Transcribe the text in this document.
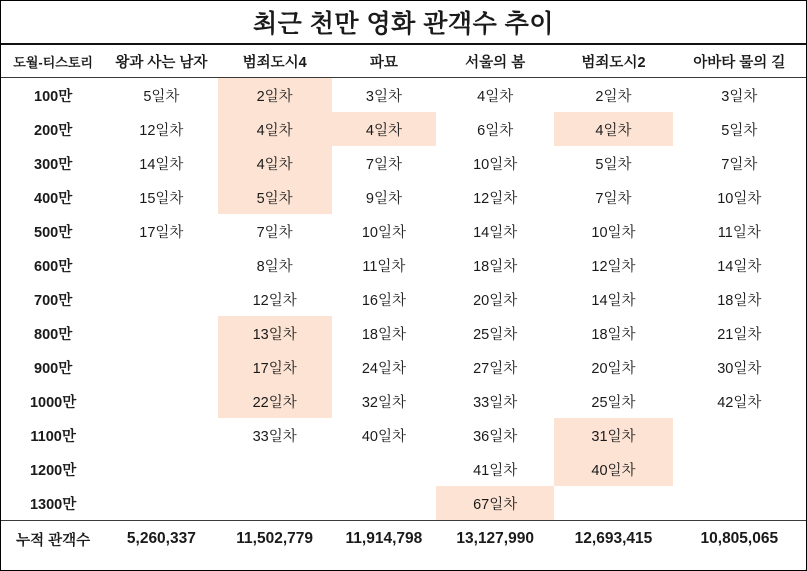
최근 천만 영화 관객수 추이
도월-티스토리	왕과 사는 남자	범죄도시4	파묘	서울의 봄	범죄도시2	아바타 물의 길
100만	5일차	2일차	3일차	4일차	2일차	3일차
200만	12일차	4일차	4일차	6일차	4일차	5일차
300만	14일차	4일차	7일차	10일차	5일차	7일차
400만	15일차	5일차	9일차	12일차	7일차	10일차
500만	17일차	7일차	10일차	14일차	10일차	11일차
600만		8일차	11일차	18일차	12일차	14일차
700만		12일차	16일차	20일차	14일차	18일차
800만		13일차	18일차	25일차	18일차	21일차
900만		17일차	24일차	27일차	20일차	30일차
1000만		22일차	32일차	33일차	25일차	42일차
1100만		33일차	40일차	36일차	31일차	
1200만				41일차	40일차	
1300만				67일차		
누적 관객수	5,260,337	11,502,779	11,914,798	13,127,990	12,693,415	10,805,065
